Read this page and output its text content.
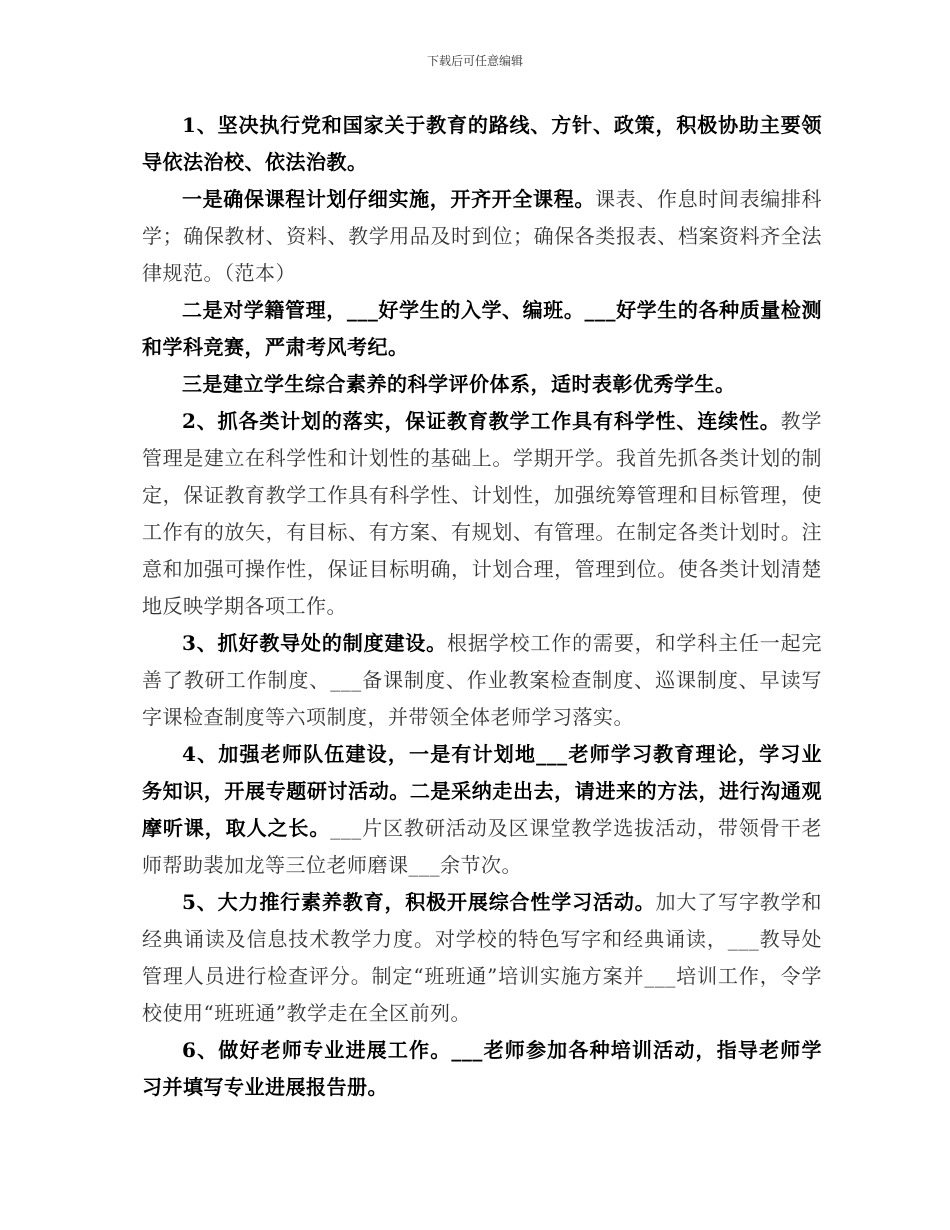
下载后可任意编辑

1、坚决执行党和国家关于教育的路线、方针、政策，积极协助主要领导依法治校、依法治教。

一是确保课程计划仔细实施，开齐开全课程。课表、作息时间表编排科学；确保教材、资料、教学用品及时到位；确保各类报表、档案资料齐全法律规范。（范本）

二是对学籍管理，___好学生的入学、编班。___好学生的各种质量检测和学科竞赛，严肃考风考纪。

三是建立学生综合素养的科学评价体系，适时表彰优秀学生。

2、抓各类计划的落实，保证教育教学工作具有科学性、连续性。教学管理是建立在科学性和计划性的基础上。学期开学。我首先抓各类计划的制定，保证教育教学工作具有科学性、计划性，加强统筹管理和目标管理，使工作有的放矢，有目标、有方案、有规划、有管理。在制定各类计划时。注意和加强可操作性，保证目标明确，计划合理，管理到位。使各类计划清楚地反映学期各项工作。

3、抓好教导处的制度建设。根据学校工作的需要，和学科主任一起完善了教研工作制度、___备课制度、作业教案检查制度、巡课制度、早读写字课检查制度等六项制度，并带领全体老师学习落实。

4、加强老师队伍建设，一是有计划地___老师学习教育理论，学习业务知识，开展专题研讨活动。二是采纳走出去，请进来的方法，进行沟通观摩听课，取人之长。___片区教研活动及区课堂教学选拔活动，带领骨干老师帮助裴加龙等三位老师磨课___余节次。

5、大力推行素养教育，积极开展综合性学习活动。加大了写字教学和经典诵读及信息技术教学力度。对学校的特色写字和经典诵读，___教导处管理人员进行检查评分。制定“班班通”培训实施方案并___培训工作，令学校使用“班班通”教学走在全区前列。

6、做好老师专业进展工作。___老师参加各种培训活动，指导老师学习并填写专业进展报告册。
